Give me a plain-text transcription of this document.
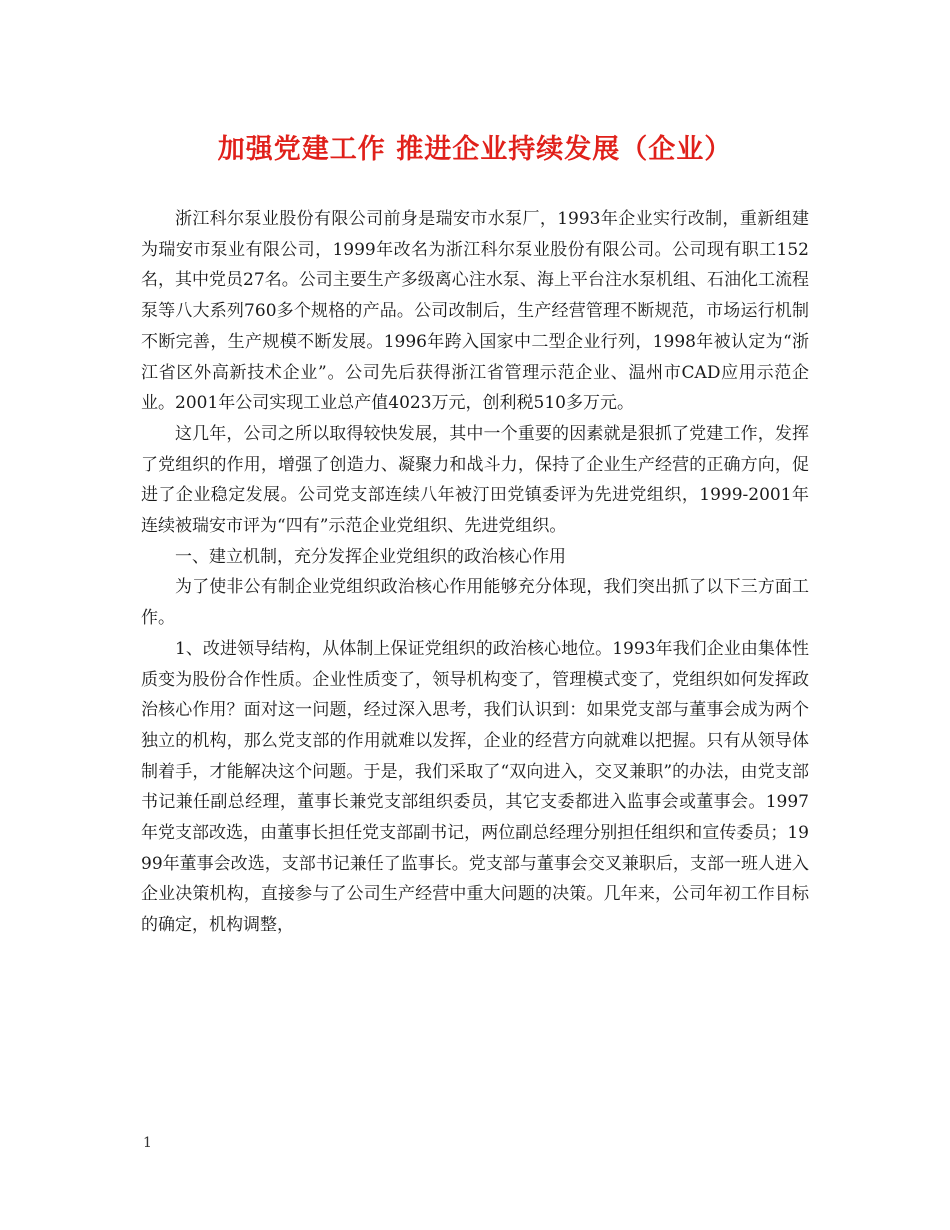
加强党建工作 推进企业持续发展（企业）

浙江科尔泵业股份有限公司前身是瑞安市水泵厂，1993年企业实行改制，重新组建为瑞安市泵业有限公司，1999年改名为浙江科尔泵业股份有限公司。公司现有职工152名，其中党员27名。公司主要生产多级离心注水泵、海上平台注水泵机组、石油化工流程泵等八大系列760多个规格的产品。公司改制后，生产经营管理不断规范，市场运行机制不断完善，生产规模不断发展。1996年跨入国家中二型企业行列，1998年被认定为“浙江省区外高新技术企业”。公司先后获得浙江省管理示范企业、温州市CAD应用示范企业。2001年公司实现工业总产值4023万元，创利税510多万元。

这几年，公司之所以取得较快发展，其中一个重要的因素就是狠抓了党建工作，发挥了党组织的作用，增强了创造力、凝聚力和战斗力，保持了企业生产经营的正确方向，促进了企业稳定发展。公司党支部连续八年被汀田党镇委评为先进党组织，1999-2001年连续被瑞安市评为“四有”示范企业党组织、先进党组织。

一、建立机制，充分发挥企业党组织的政治核心作用

为了使非公有制企业党组织政治核心作用能够充分体现，我们突出抓了以下三方面工作。

1、改进领导结构，从体制上保证党组织的政治核心地位。1993年我们企业由集体性质变为股份合作性质。企业性质变了，领导机构变了，管理模式变了，党组织如何发挥政治核心作用？面对这一问题，经过深入思考，我们认识到：如果党支部与董事会成为两个独立的机构，那么党支部的作用就难以发挥，企业的经营方向就难以把握。只有从领导体制着手，才能解决这个问题。于是，我们采取了“双向进入，交叉兼职”的办法，由党支部书记兼任副总经理，董事长兼党支部组织委员，其它支委都进入监事会或董事会。1997年党支部改选，由董事长担任党支部副书记，两位副总经理分别担任组织和宣传委员；1999年董事会改选，支部书记兼任了监事长。党支部与董事会交叉兼职后，支部一班人进入企业决策机构，直接参与了公司生产经营中重大问题的决策。几年来，公司年初工作目标的确定，机构调整，

1
